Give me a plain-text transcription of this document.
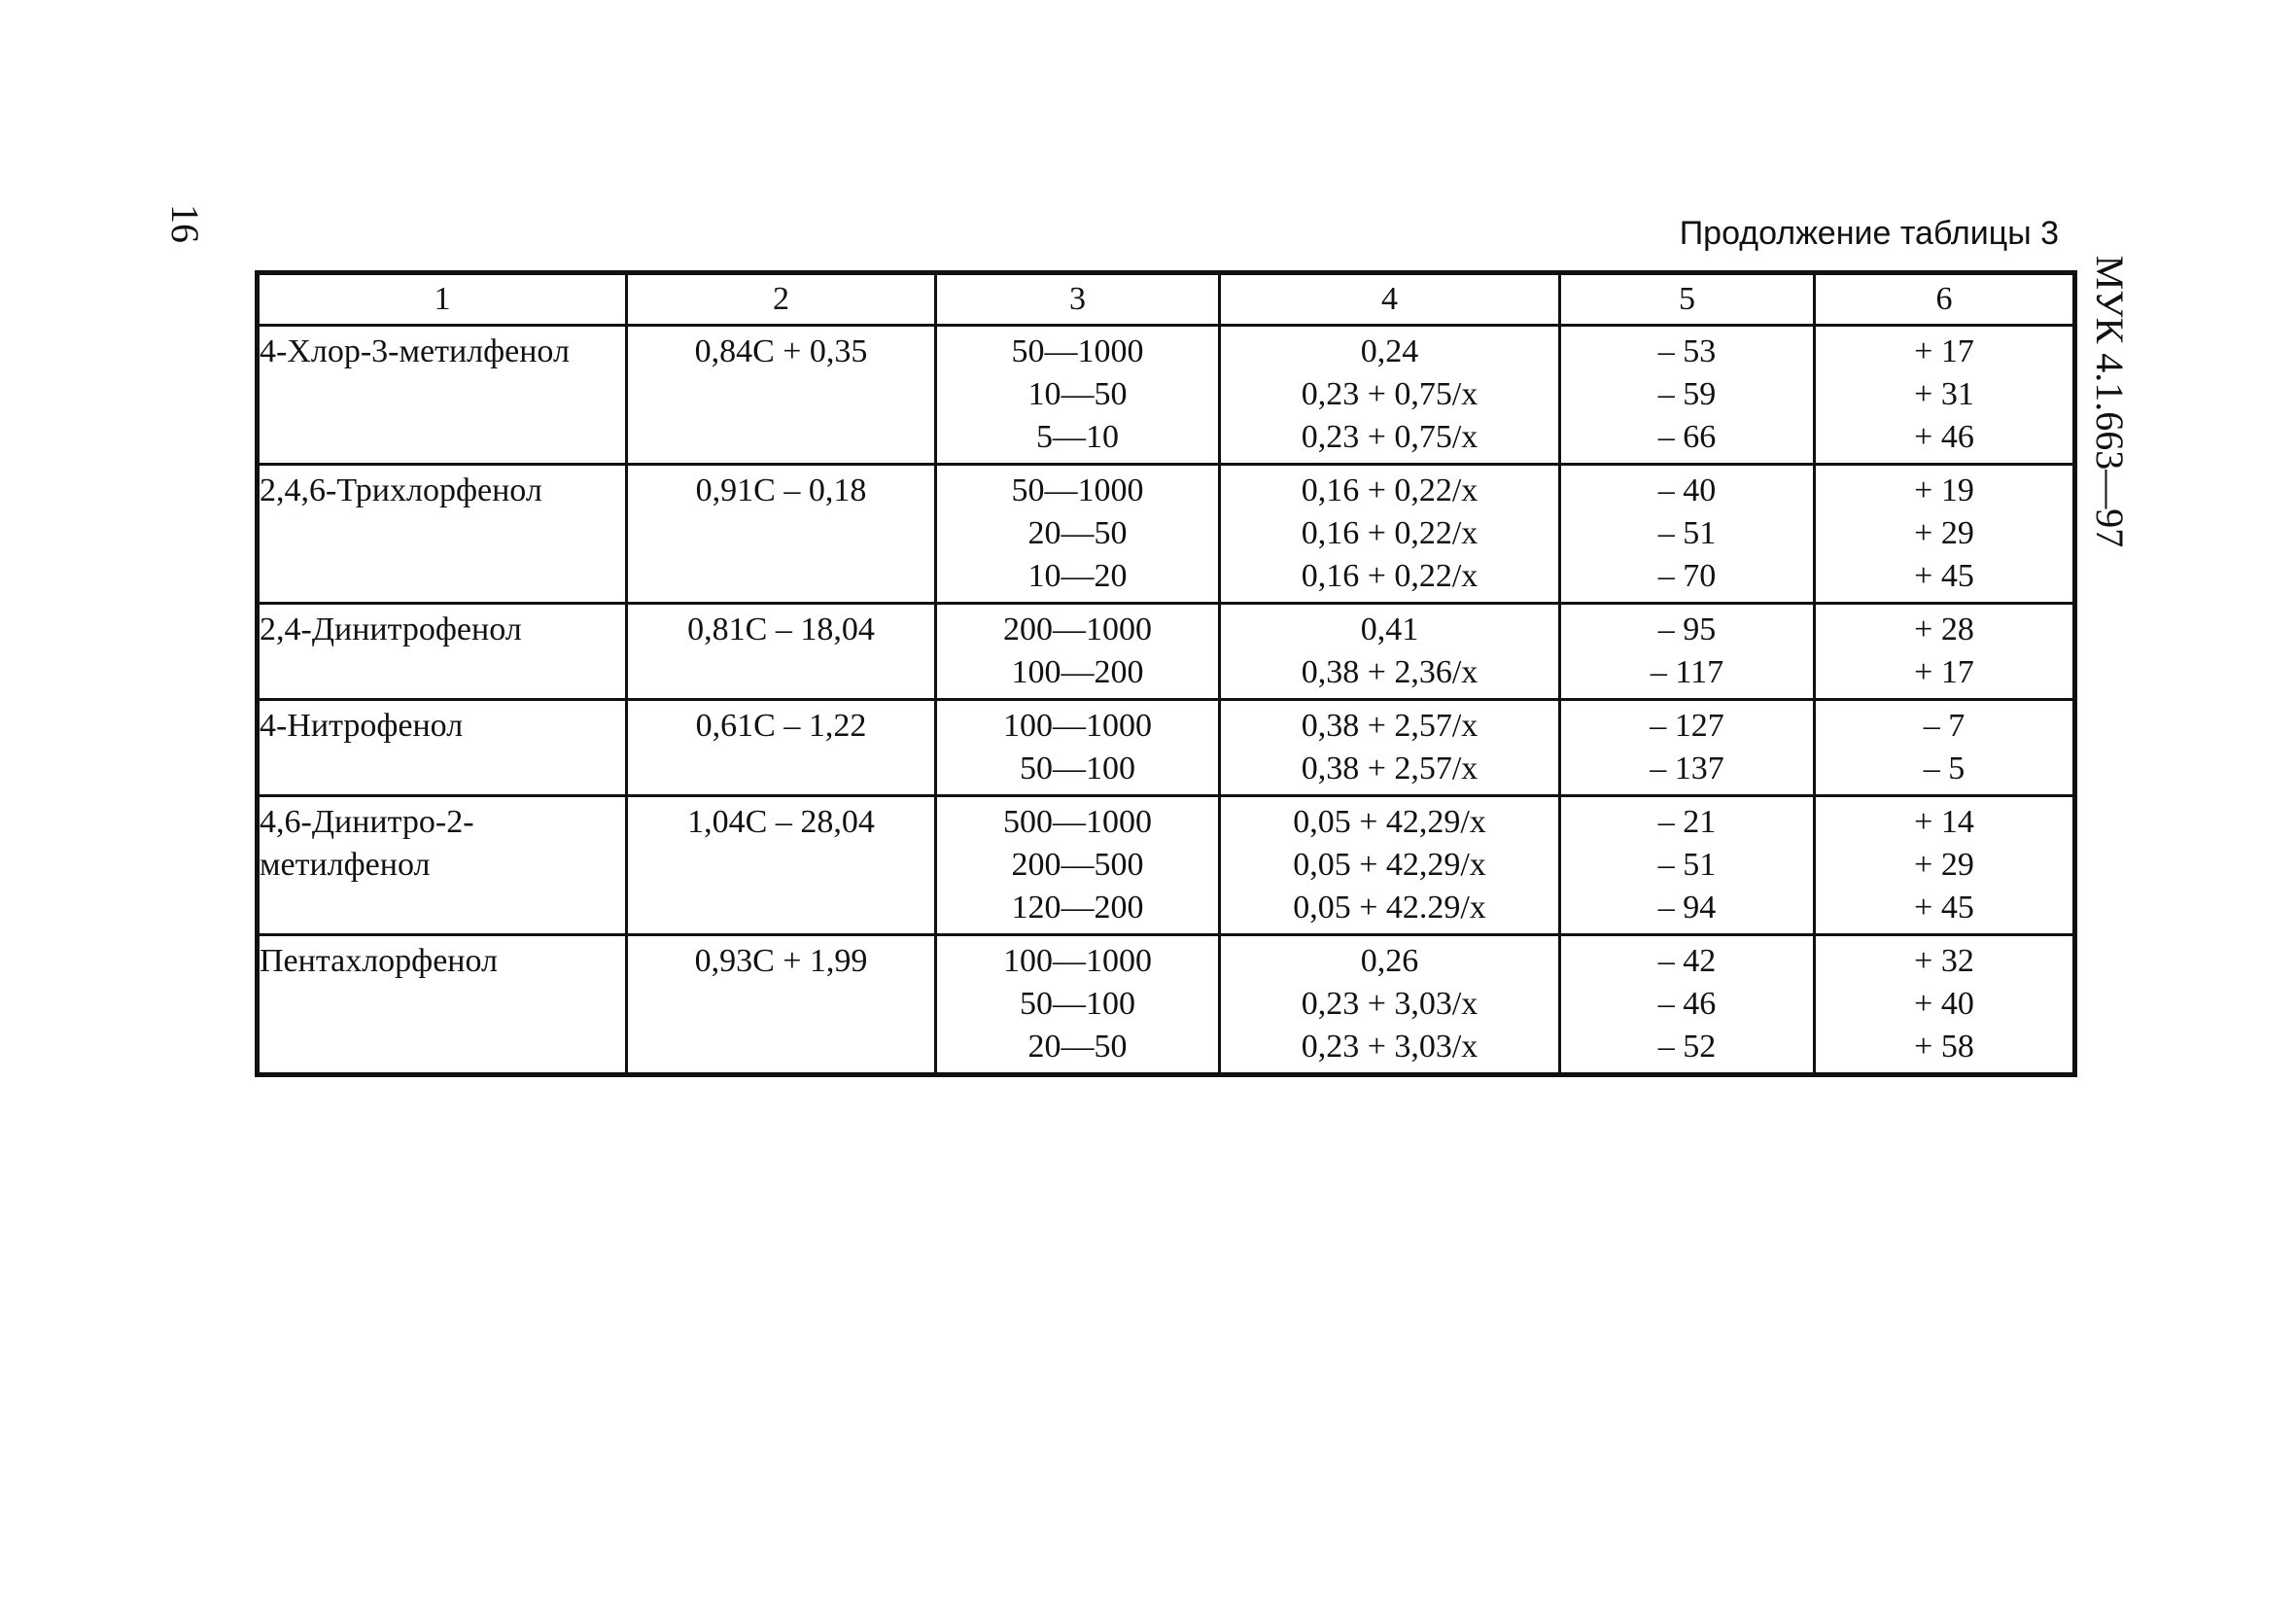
16
МУК 4.1.663—97
Продолжение таблицы 3
1	2	3	4	5	6

4-Хлор-3-метилфенол	0,84С + 0,35	50—1000
10—50
5—10	0,24
0,23 + 0,75/х
0,23 + 0,75/х	– 53
– 59
– 66	+ 17
+ 31
+ 46

2,4,6-Трихлорфенол	0,91С – 0,18	50—1000
20—50
10—20	0,16 + 0,22/х
0,16 + 0,22/х
0,16 + 0,22/х	– 40
– 51
– 70	+ 19
+ 29
+ 45

2,4-Динитрофенол	0,81С – 18,04	200—1000
100—200	0,41
0,38 + 2,36/х	– 95
– 117	+ 28
+ 17

4-Нитрофенол	0,61С – 1,22	100—1000
50—100	0,38 + 2,57/х
0,38 + 2,57/х	– 127
– 137	– 7
– 5

4,6-Динитро-2-
метилфенол	1,04С – 28,04	500—1000
200—500
120—200	0,05 + 42,29/х
0,05 + 42,29/х
0,05 + 42.29/х	– 21
– 51
– 94	+ 14
+ 29
+ 45

Пентахлорфенол	0,93С + 1,99	100—1000
50—100
20—50	0,26
0,23 + 3,03/х
0,23 + 3,03/х	– 42
– 46
– 52	+ 32
+ 40
+ 58
